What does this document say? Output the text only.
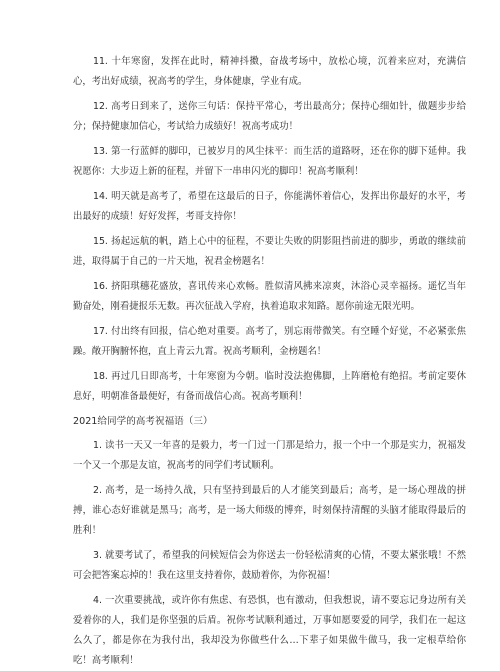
11. 十年寒窗，发挥在此时，精神抖擞，奋战考场中，放松心境，沉着来应对，充满信心，考出好成绩，祝高考的学生，身体健康，学业有成。
12. 高考日到来了，送你三句话：保持平常心，考出最高分；保持心细如针，做题步步给分；保持健康加信心，考试给力成绩好！祝高考成功！
13. 第一行蓝鲜的脚印，已被岁月的风尘抹平：而生活的道路呀，还在你的脚下延伸。我祝愿你：大步迈上新的征程，并留下一串串闪光的脚印！祝高考顺利！
14. 明天就是高考了，希望在这最后的日子，你能满怀着信心，发挥出你最好的水平，考出最好的成绩！好好发挥，考哥支持你！
15. 扬起远航的帆，踏上心中的征程，不要让失败的阴影阻挡前进的脚步，勇敢的继续前进，取得属于自己的一片天地，祝君金榜题名！
16. 挤阳琪穗花盛放，喜讯传来心欢畅。胜似清风拂来凉爽，沐浴心灵幸福扬。遥忆当年勤奋处，刚看捷报乐无数。再次征战入学府，执着追取求知路。愿你前途无限光明。
17. 付出终有回报，信心绝对重要。高考了，别忘雨带微笑。有空睡个好觉，不必紧张焦躁。敞开胸腑怀抱，直上青云九霄。祝高考顺利，金榜题名！
18. 再过几日即高考，十年寒窗为今朝。临时没法抱佛脚，上阵磨枪有绝招。考前定要休息好，明朝准备最便好，有备而战信心高。祝高考顺利！
2021给同学的高考祝福语（三）
1. 读书一天又一年喜的是毅力，考一门过一门那是给力，报一个中一个那是实力，祝福发一个又一个那是友谊，祝高考的同学们考试顺利。
2. 高考，是一场持久战，只有坚持到最后的人才能笑到最后；高考，是一场心理战的拼搏，谁心态好谁就是黑马；高考，是一场大师级的博弈，时刻保持清醒的头脑才能取得最后的胜利！
3. 就要考试了，希望我的问候短信会为你送去一份轻松清爽的心情，不要太紧张哦！不然可会把答案忘掉的！我在这里支持着你，鼓励着你，为你祝福！
4. 一次重要挑战，或许你有焦虑、有恐惧，也有激动，但我想说，请不要忘记身边所有关爱着你的人，我们是你坚强的后盾。祝你考试顺利通过，万事如愿要爱的同学，我们在一起这么久了，都是你在为我付出，我却没为你做些什么…下辈子如果做牛做马，我一定根草给你吃！高考顺利！
